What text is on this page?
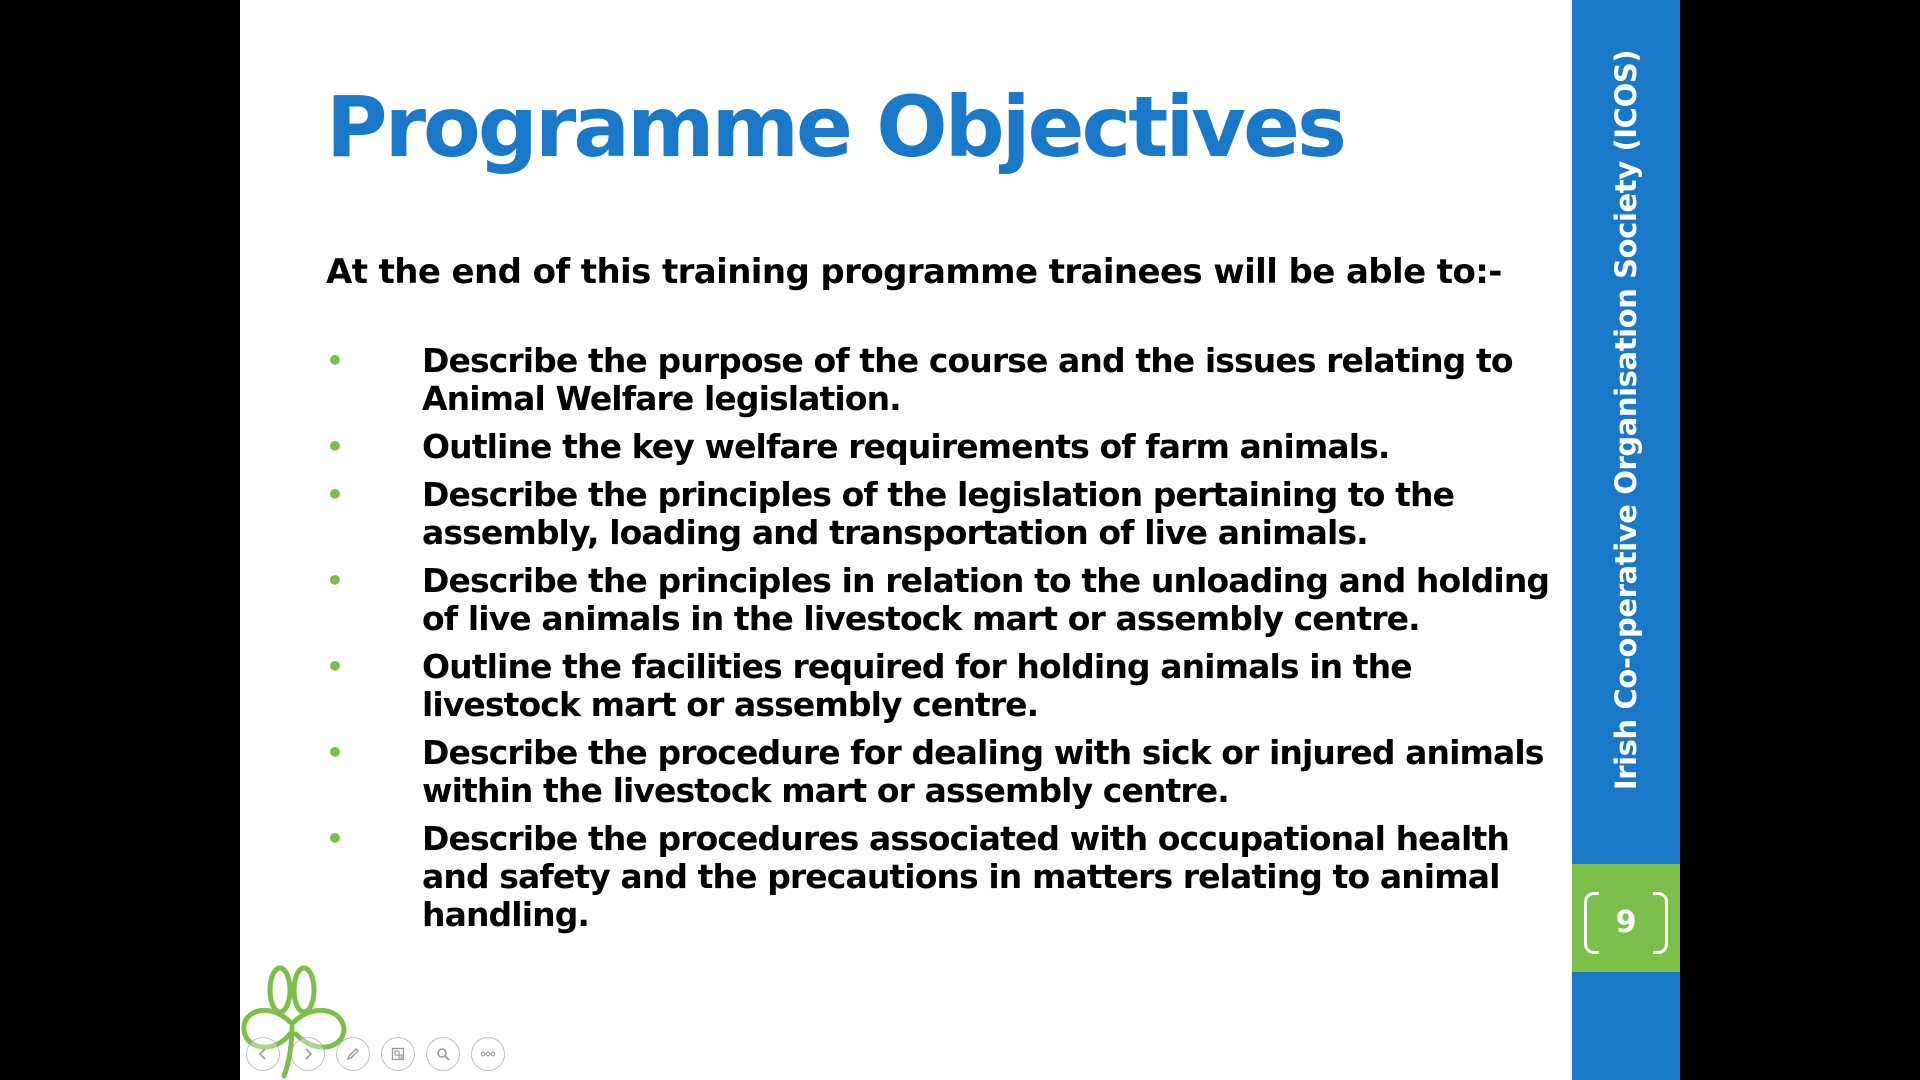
Programme Objectives

At the end of this training programme trainees will be able to:-

• Describe the purpose of the course and the issues relating to Animal Welfare legislation.
• Outline the key welfare requirements of farm animals.
• Describe the principles of the legislation pertaining to the assembly, loading and transportation of live animals.
• Describe the principles in relation to the unloading and holding of live animals in the livestock mart or assembly centre.
• Outline the facilities required for holding animals in the livestock mart or assembly centre.
• Describe the procedure for dealing with sick or injured animals within the livestock mart or assembly centre.
• Describe the procedures associated with occupational health and safety and the precautions in matters relating to animal handling.
Irish Co-operative Organisation Society (ICOS)
9
